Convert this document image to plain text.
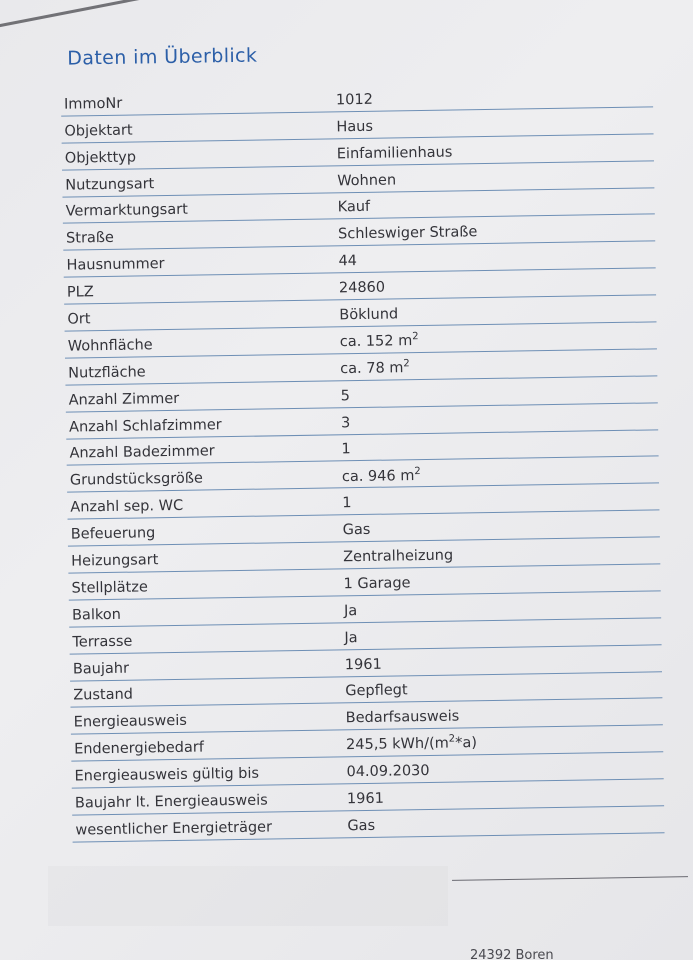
Daten im Überblick
ImmoNr	1012
Objektart	Haus
Objekttyp	Einfamilienhaus
Nutzungsart	Wohnen
Vermarktungsart	Kauf
Straße	Schleswiger Straße
Hausnummer	44
PLZ	24860
Ort	Böklund
Wohnfläche	ca. 152 $m^2$
Nutzfläche	ca. 78 $m^2$
Anzahl Zimmer	5
Anzahl Schlafzimmer	3
Anzahl Badezimmer	1
Grundstücksgröße	ca. 946 $m^2$
Anzahl sep. WC	1
Befeuerung	Gas
Heizungsart	Zentralheizung
Stellplätze	1 Garage
Balkon	Ja
Terrasse	Ja
Baujahr	1961
Zustand	Gepflegt
Energieausweis	Bedarfsausweis
Endenergiebedarf	245,5 kWh/$(m^2*a)$
Energieausweis gültig bis	04.09.2030
Baujahr lt. Energieausweis	1961
wesentlicher Energieträger	Gas
24392 Boren
